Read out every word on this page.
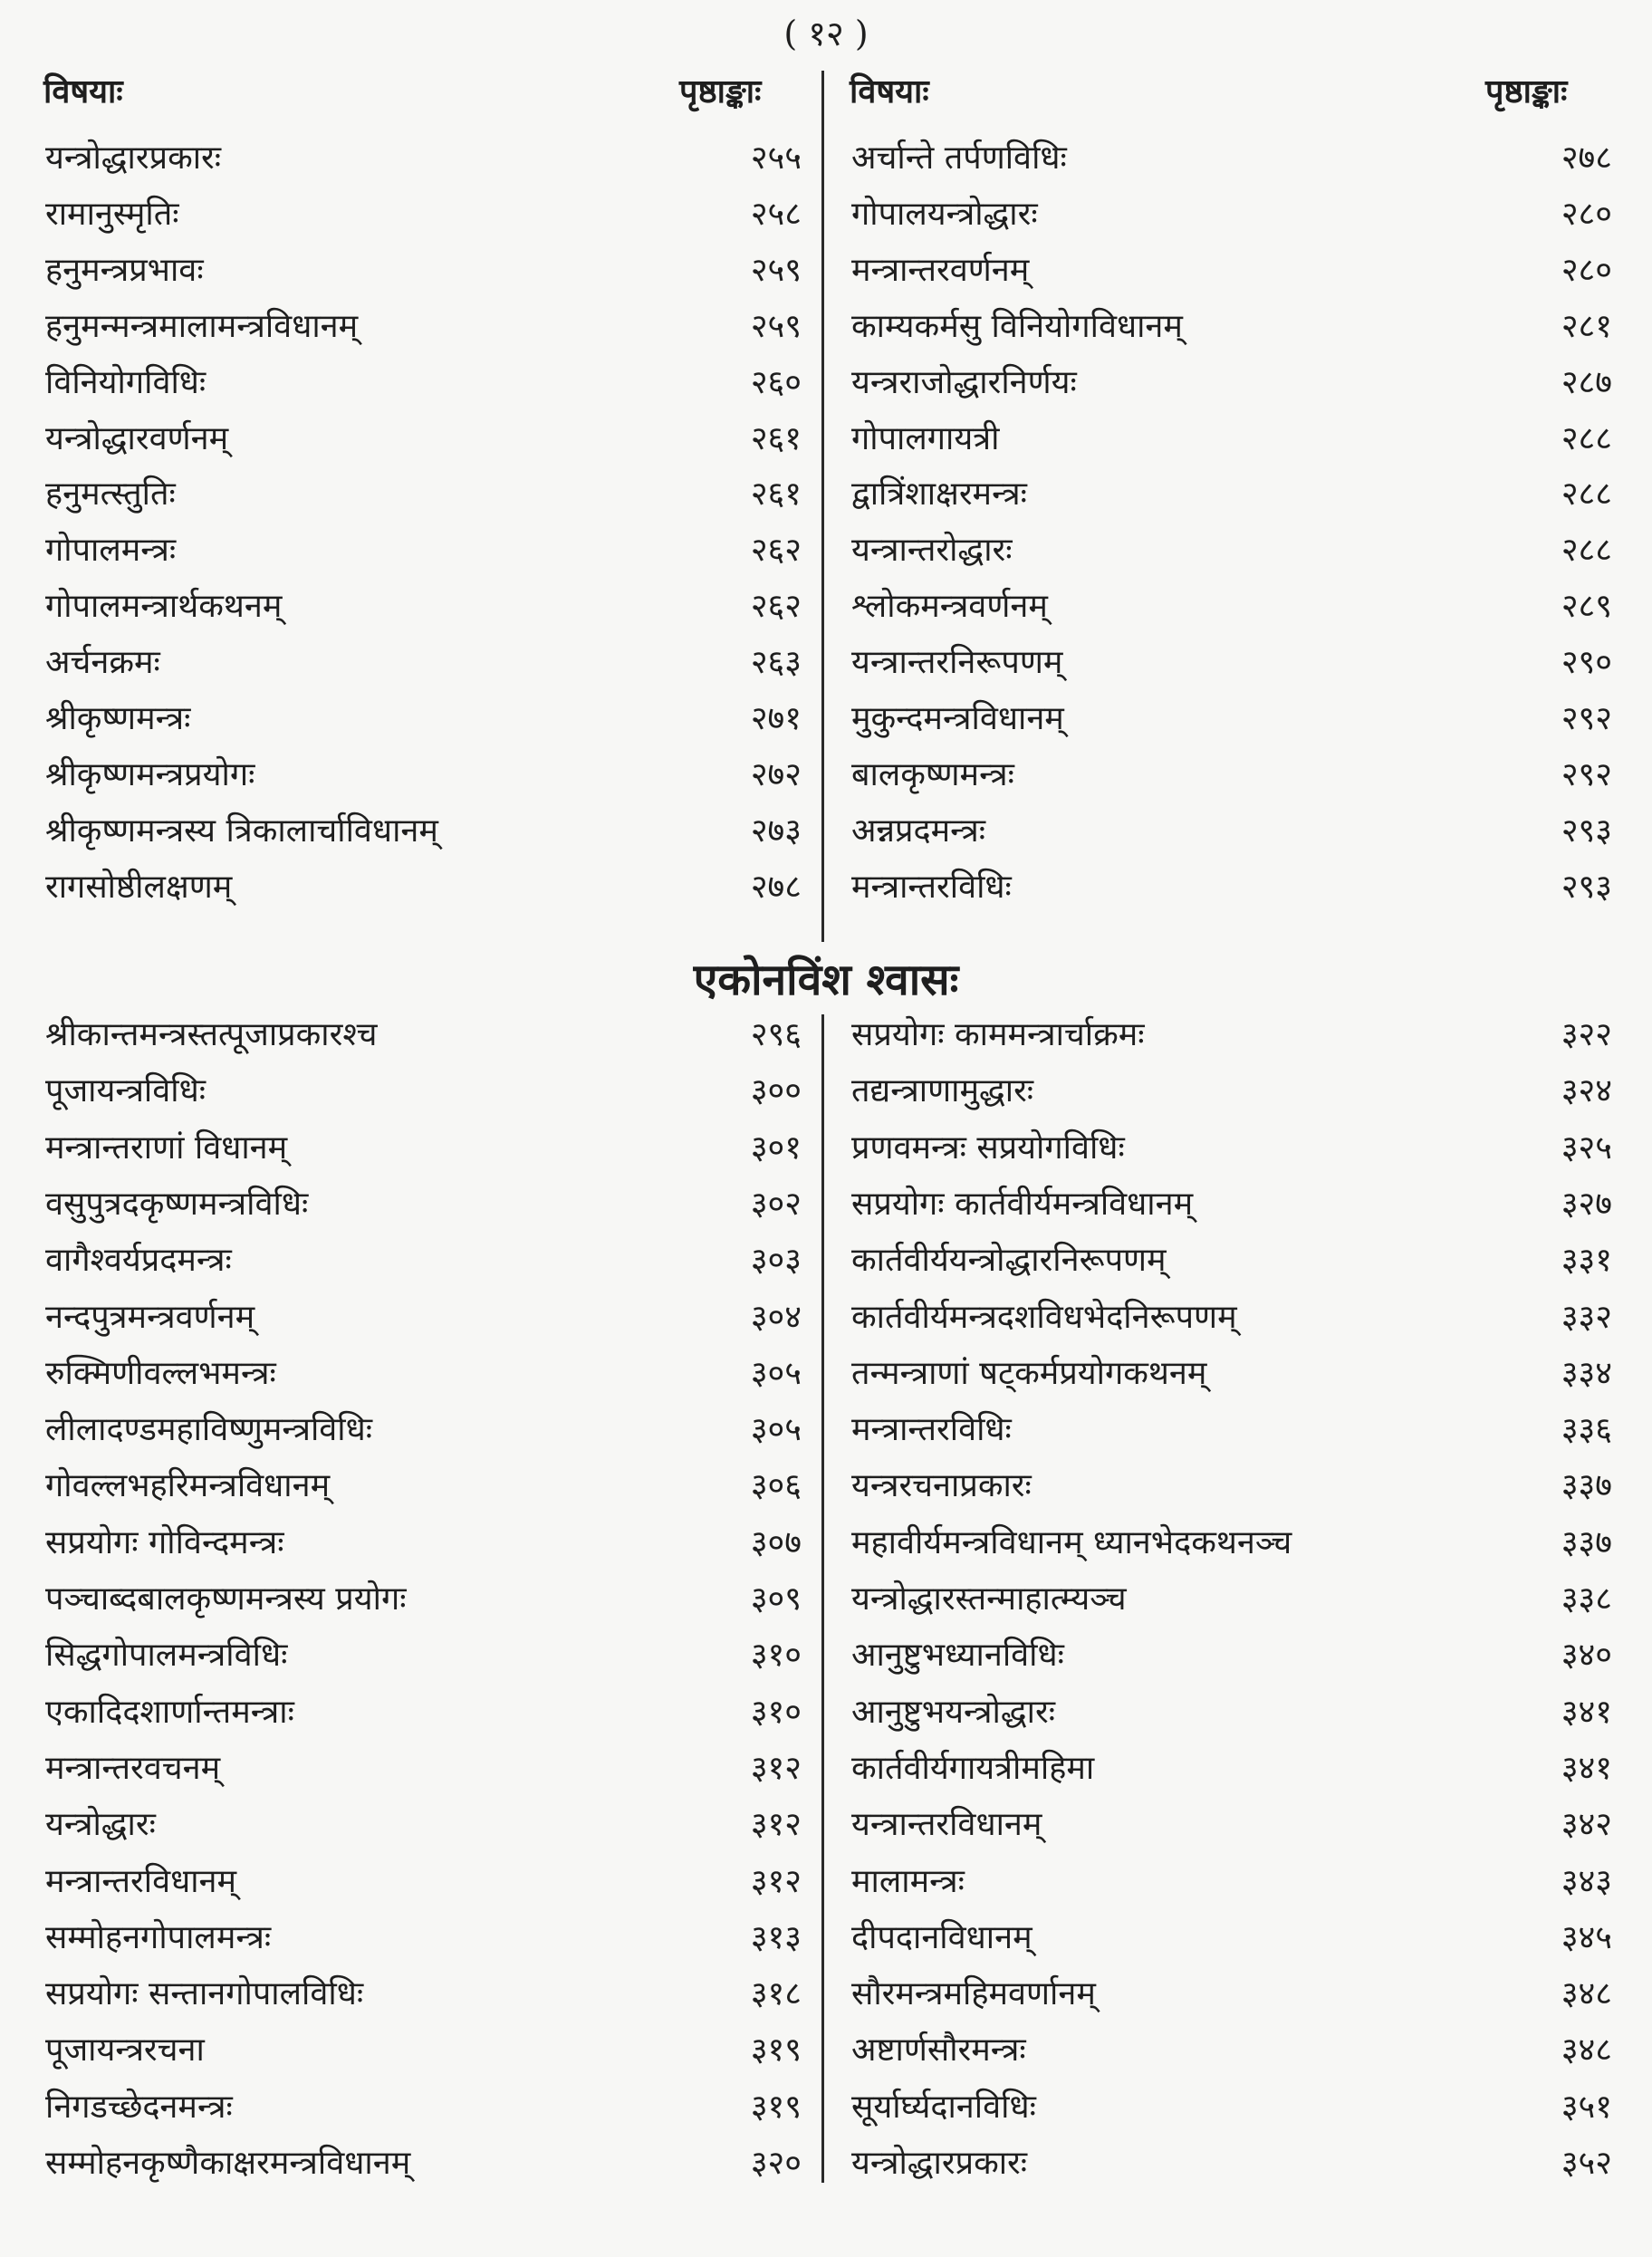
( १२ )
विषयाः	पृष्ठाङ्काः	विषयाः	पृष्ठाङ्काः
एकोनविंश श्वासः
यन्त्रोद्धारप्रकारः	२५५
रामानुस्मृतिः	२५८
हनुमन्त्रप्रभावः	२५९
हनुमन्मन्त्रमालामन्त्रविधानम्	२५९
विनियोगविधिः	२६०
यन्त्रोद्धारवर्णनम्	२६१
हनुमत्स्तुतिः	२६१
गोपालमन्त्रः	२६२
गोपालमन्त्रार्थकथनम्	२६२
अर्चनक्रमः	२६३
श्रीकृष्णमन्त्रः	२७१
श्रीकृष्णमन्त्रप्रयोगः	२७२
श्रीकृष्णमन्त्रस्य त्रिकालार्चाविधानम्	२७३
रागसोष्ठीलक्षणम्	२७८
अर्चान्ते तर्पणविधिः	२७८
गोपालयन्त्रोद्धारः	२८०
मन्त्रान्तरवर्णनम्	२८०
काम्यकर्मसु विनियोगविधानम्	२८१
यन्त्रराजोद्धारनिर्णयः	२८७
गोपालगायत्री	२८८
द्वात्रिंशाक्षरमन्त्रः	२८८
यन्त्रान्तरोद्धारः	२८८
श्लोकमन्त्रवर्णनम्	२८९
यन्त्रान्तरनिरूपणम्	२९०
मुकुन्दमन्त्रविधानम्	२९२
बालकृष्णमन्त्रः	२९२
अन्नप्रदमन्त्रः	२९३
मन्त्रान्तरविधिः	२९३
श्रीकान्तमन्त्रस्तत्पूजाप्रकारश्च	२९६
पूजायन्त्रविधिः	३००
मन्त्रान्तराणां विधानम्	३०१
वसुपुत्रदकृष्णमन्त्रविधिः	३०२
वागैश्वर्यप्रदमन्त्रः	३०३
नन्दपुत्रमन्त्रवर्णनम्	३०४
रुक्मिणीवल्लभमन्त्रः	३०५
लीलादण्डमहाविष्णुमन्त्रविधिः	३०५
गोवल्लभहरिमन्त्रविधानम्	३०६
सप्रयोगः गोविन्दमन्त्रः	३०७
पञ्चाब्दबालकृष्णमन्त्रस्य प्रयोगः	३०९
सिद्धगोपालमन्त्रविधिः	३१०
एकादिदशार्णान्तमन्त्राः	३१०
मन्त्रान्तरवचनम्	३१२
यन्त्रोद्धारः	३१२
मन्त्रान्तरविधानम्	३१२
सम्मोहनगोपालमन्त्रः	३१३
सप्रयोगः सन्तानगोपालविधिः	३१८
पूजायन्त्ररचना	३१९
निगडच्छेदनमन्त्रः	३१९
सम्मोहनकृष्णैकाक्षरमन्त्रविधानम्	३२०
सप्रयोगः काममन्त्रार्चाक्रमः	३२२
तद्यन्त्राणामुद्धारः	३२४
प्रणवमन्त्रः सप्रयोगविधिः	३२५
सप्रयोगः कार्तवीर्यमन्त्रविधानम्	३२७
कार्तवीर्ययन्त्रोद्धारनिरूपणम्	३३१
कार्तवीर्यमन्त्रदशविधभेदनिरूपणम्	३३२
तन्मन्त्राणां षट्कर्मप्रयोगकथनम्	३३४
मन्त्रान्तरविधिः	३३६
यन्त्ररचनाप्रकारः	३३७
महावीर्यमन्त्रविधानम् ध्यानभेदकथनञ्च	३३७
यन्त्रोद्धारस्तन्माहात्म्यञ्च	३३८
आनुष्टुभध्यानविधिः	३४०
आनुष्टुभयन्त्रोद्धारः	३४१
कार्तवीर्यगायत्रीमहिमा	३४१
यन्त्रान्तरविधानम्	३४२
मालामन्त्रः	३४३
दीपदानविधानम्	३४५
सौरमन्त्रमहिमवर्णानम्	३४८
अष्टार्णसौरमन्त्रः	३४८
सूर्यार्घ्यदानविधिः	३५१
यन्त्रोद्धारप्रकारः	३५२
